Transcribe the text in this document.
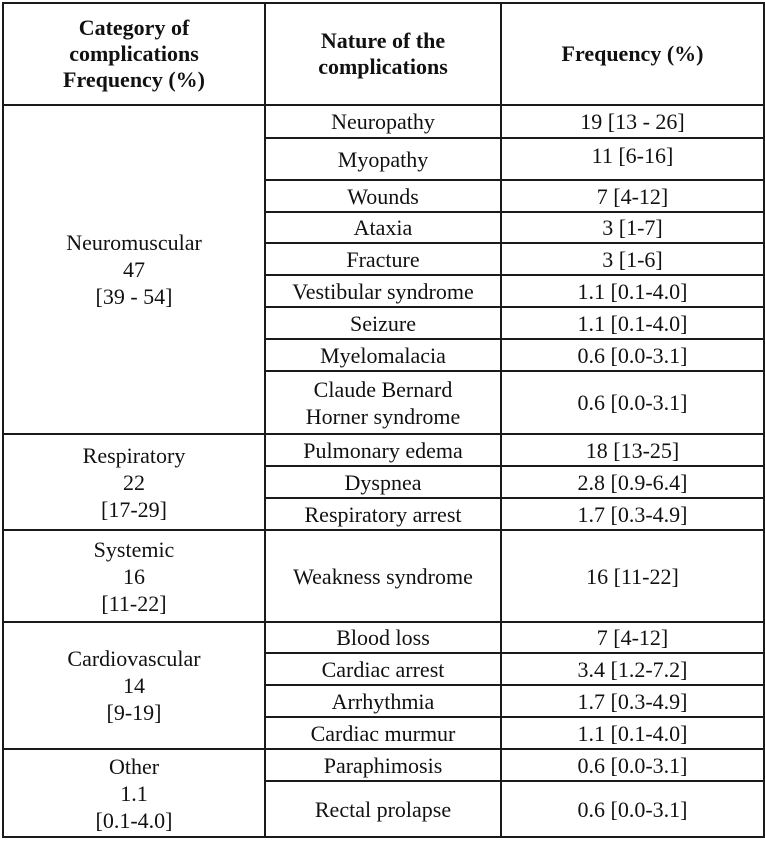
Category of
complications
Frequency (%)	Nature of the
complications	Frequency (%)

Neuromuscular
47
[39 - 54]	Neuropathy	19 [13 - 26]
	Myopathy	11 [6-16]
	Wounds	7 [4-12]
	Ataxia	3 [1-7]
	Fracture	3 [1-6]
	Vestibular syndrome	1.1 [0.1-4.0]
	Seizure	1.1 [0.1-4.0]
	Myelomalacia	0.6 [0.0-3.1]

	Claude Bernard
Horner syndrome	0.6 [0.0-3.1]

Respiratory
22
[17-29]	Pulmonary edema	18 [13-25]
	Dyspnea	2.8 [0.9-6.4]
	Respiratory arrest	1.7 [0.3-4.9]

Systemic
16
[11-22]	Weakness syndrome	16 [11-22]

Cardiovascular
14
[9-19]	Blood loss	7 [4-12]
	Cardiac arrest	3.4 [1.2-7.2]
	Arrhythmia	1.7 [0.3-4.9]
	Cardiac murmur	1.1 [0.1-4.0]

Other
1.1
[0.1-4.0]	Paraphimosis	0.6 [0.0-3.1]
	Rectal prolapse	0.6 [0.0-3.1]
